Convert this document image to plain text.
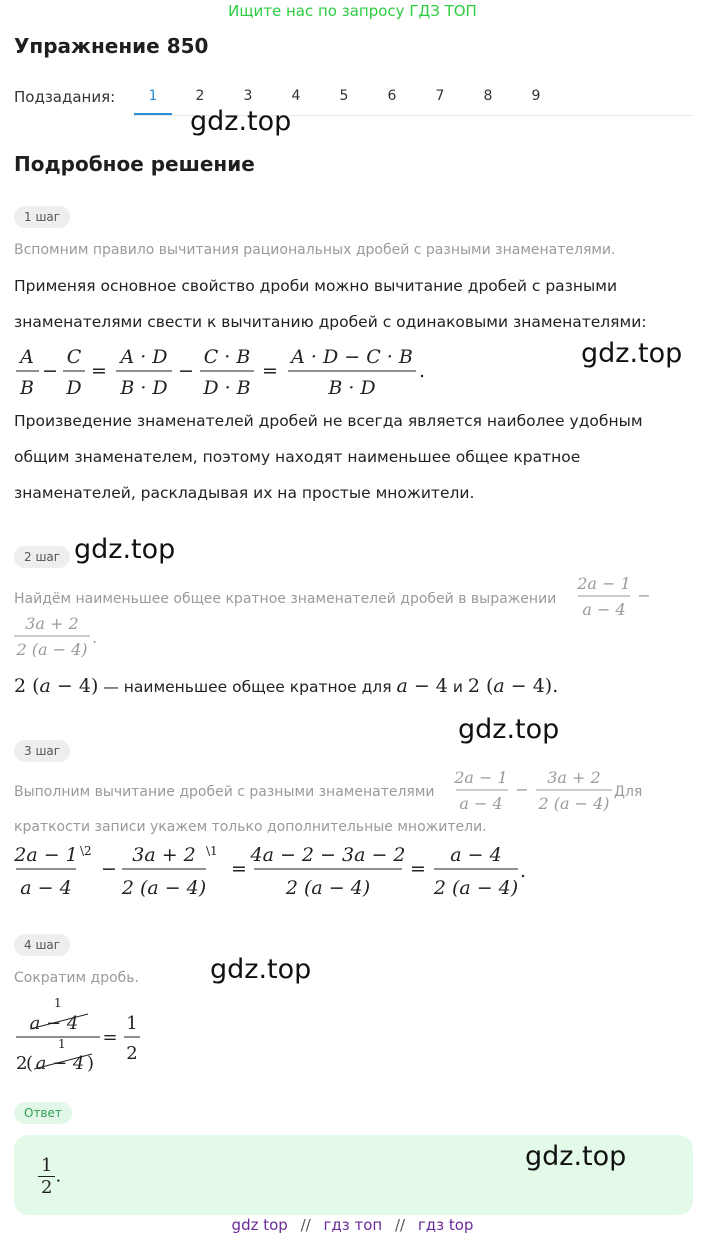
Ищите нас по запросу ГДЗ ТОП
Упражнение 850
Подзадания:	1	2	3	4	5	6	7	8	9
gdz.top
Подробное решение
1 шаг
Вспомним правило вычитания рациональных дробей с разными знаменателями.
Применяя основное свойство дроби можно вычитание дробей с разными
знаменателями свести к вычитанию дробей с одинаковыми знаменателями:
A
B
−
C
D
=
A · D
B · D
−
C · B
D · B
=
A · D − C · B
B · D
.
gdz.top
Произведение знаменателей дробей не всегда является наиболее удобным
общим знаменателем, поэтому находят наименьшее общее кратное
знаменателей, раскладывая их на простые множители.
2 шаг gdz.top
Найдём наименьшее общее кратное знаменателей дробей в выражении
2a − 1
a − 4
−
3a + 2
2 (a − 4)
.
2 (a − 4) — наименьшее общее кратное для a − 4 и 2 (a − 4).
gdz.top
3 шаг
Выполним вычитание дробей с разными знаменателями
2a − 1
a − 4
−
3a + 2
2 (a − 4)
Для
краткости записи укажем только дополнительные множители.
2a − 1
a − 4
\2
−
3a + 2
2 (a − 4)
\1
=
4a − 2 − 3a − 2
2 (a − 4)
=
a − 4
2 (a − 4)
.
4 шаг
Сократим дробь.	gdz.top
1
a − 4
1
2
( a − 4 )
=
1
2
Ответ
$\frac{1}{2}$ .
gdz.top
gdz top // гдз топ // гдз top
